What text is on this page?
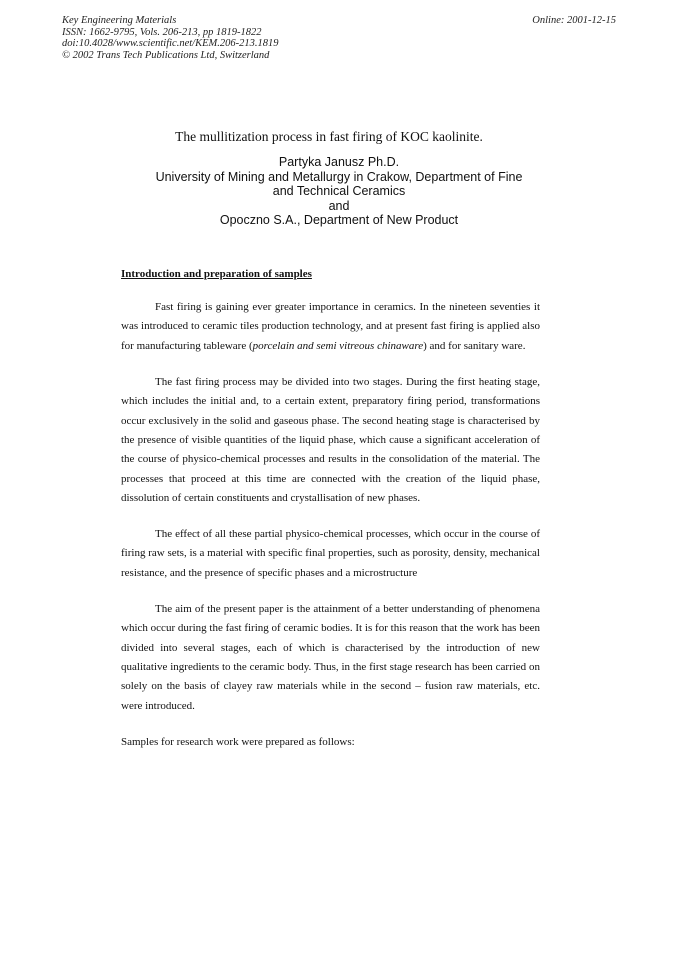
Key Engineering Materials
ISSN: 1662-9795, Vols. 206-213, pp 1819-1822
doi:10.4028/www.scientific.net/KEM.206-213.1819
© 2002 Trans Tech Publications Ltd, Switzerland
Online: 2001-12-15
The mullitization process in fast firing of KOC kaolinite.
Partyka Janusz Ph.D.
University of Mining and Metallurgy in Crakow, Department of Fine
and Technical Ceramics
and
Opoczno S.A., Department of New Product
Introduction and preparation of samples

Fast firing is gaining ever greater importance in ceramics. In the nineteen seventies it was introduced to ceramic tiles production technology, and at present fast firing is applied also for manufacturing tableware (porcelain and semi vitreous chinaware) and for sanitary ware.

The fast firing process may be divided into two stages. During the first heating stage, which includes the initial and, to a certain extent, preparatory firing period, transformations occur exclusively in the solid and gaseous phase. The second heating stage is characterised by the presence of visible quantities of the liquid phase, which cause a significant acceleration of the course of physico-chemical processes and results in the consolidation of the material. The processes that proceed at this time are connected with the creation of the liquid phase, dissolution of certain constituents and crystallisation of new phases.

The effect of all these partial physico-chemical processes, which occur in the course of firing raw sets, is a material with specific final properties, such as porosity, density, mechanical resistance, and the presence of specific phases and a microstructure

The aim of the present paper is the attainment of a better understanding of phenomena which occur during the fast firing of ceramic bodies. It is for this reason that the work has been divided into several stages, each of which is characterised by the introduction of new qualitative ingredients to the ceramic body. Thus, in the first stage research has been carried on solely on the basis of clayey raw materials while in the second – fusion raw materials, etc. were introduced.

Samples for research work were prepared as follows:
